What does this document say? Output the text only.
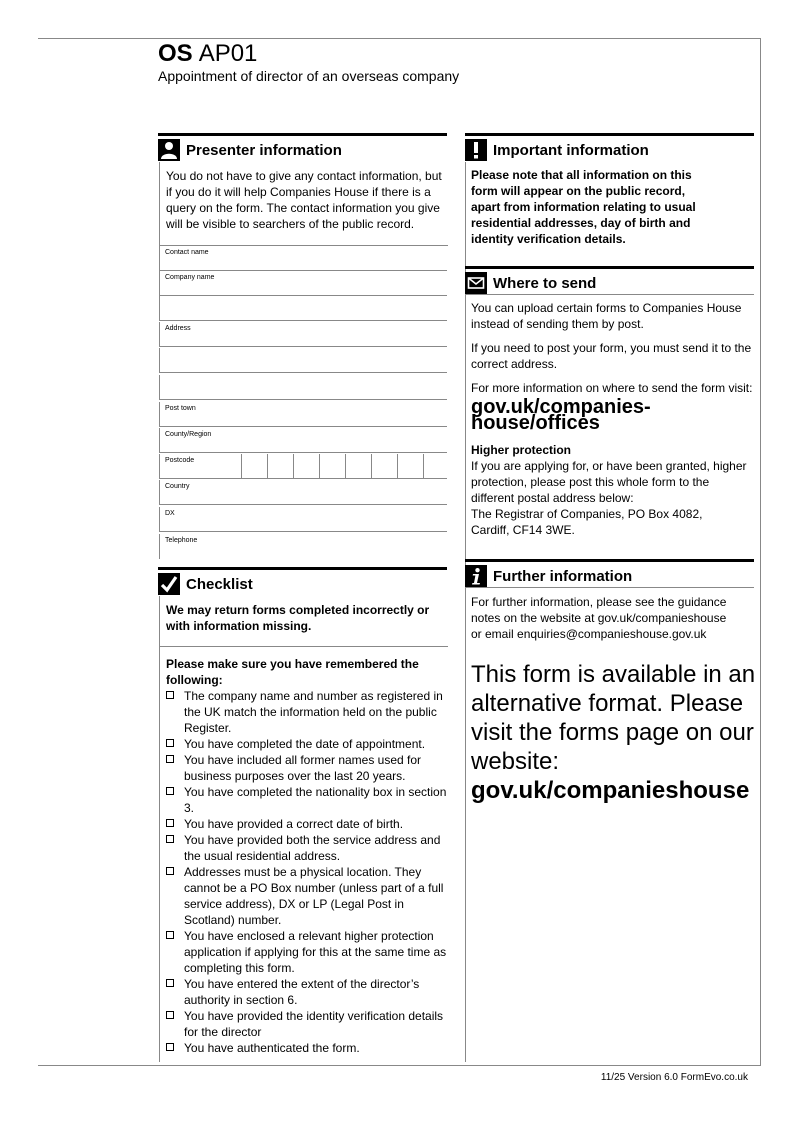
OS AP01
Appointment of director of an overseas company
Presenter information
You do not have to give any contact information, but if you do it will help Companies House if there is a query on the form. The contact information you give will be visible to searchers of the public record.
Contact name
Company name
Address
Post town
County/Region
Postcode
Country
DX
Telephone
Checklist
We may return forms completed incorrectly or with information missing.
Please make sure you have remembered the following:
The company name and number as registered in the UK match the information held on the public Register.
You have completed the date of appointment.
You have included all former names used for business purposes over the last 20 years.
You have completed the nationality box in section 3.
You have provided a correct date of birth.
You have provided both the service address and the usual residential address.
Addresses must be a physical location. They cannot be a PO Box number (unless part of a full service address), DX or LP (Legal Post in Scotland) number.
You have enclosed a relevant higher protection application if applying for this at the same time as completing this form.
You have entered the extent of the director’s authority in section 6.
You have provided the identity verification details for the director
You have authenticated the form.
Important information
Please note that all information on this form will appear on the public record, apart from information relating to usual residential addresses, day of birth and identity verification details.
Where to send
You can upload certain forms to Companies House instead of sending them by post.
If you need to post your form, you must send it to the correct address.
For more information on where to send the form visit:
gov.uk/companies-house/offices
Higher protection
If you are applying for, or have been granted, higher protection, please post this whole form to the different postal address below:
The Registrar of Companies, PO Box 4082,
Cardiff, CF14 3WE.
Further information
For further information, please see the guidance
notes on the website at gov.uk/companieshouse
or email enquiries@companieshouse.gov.uk
This form is available in an alternative format. Please visit the forms page on our website:
gov.uk/companieshouse
11/25 Version 6.0 FormEvo.co.uk
